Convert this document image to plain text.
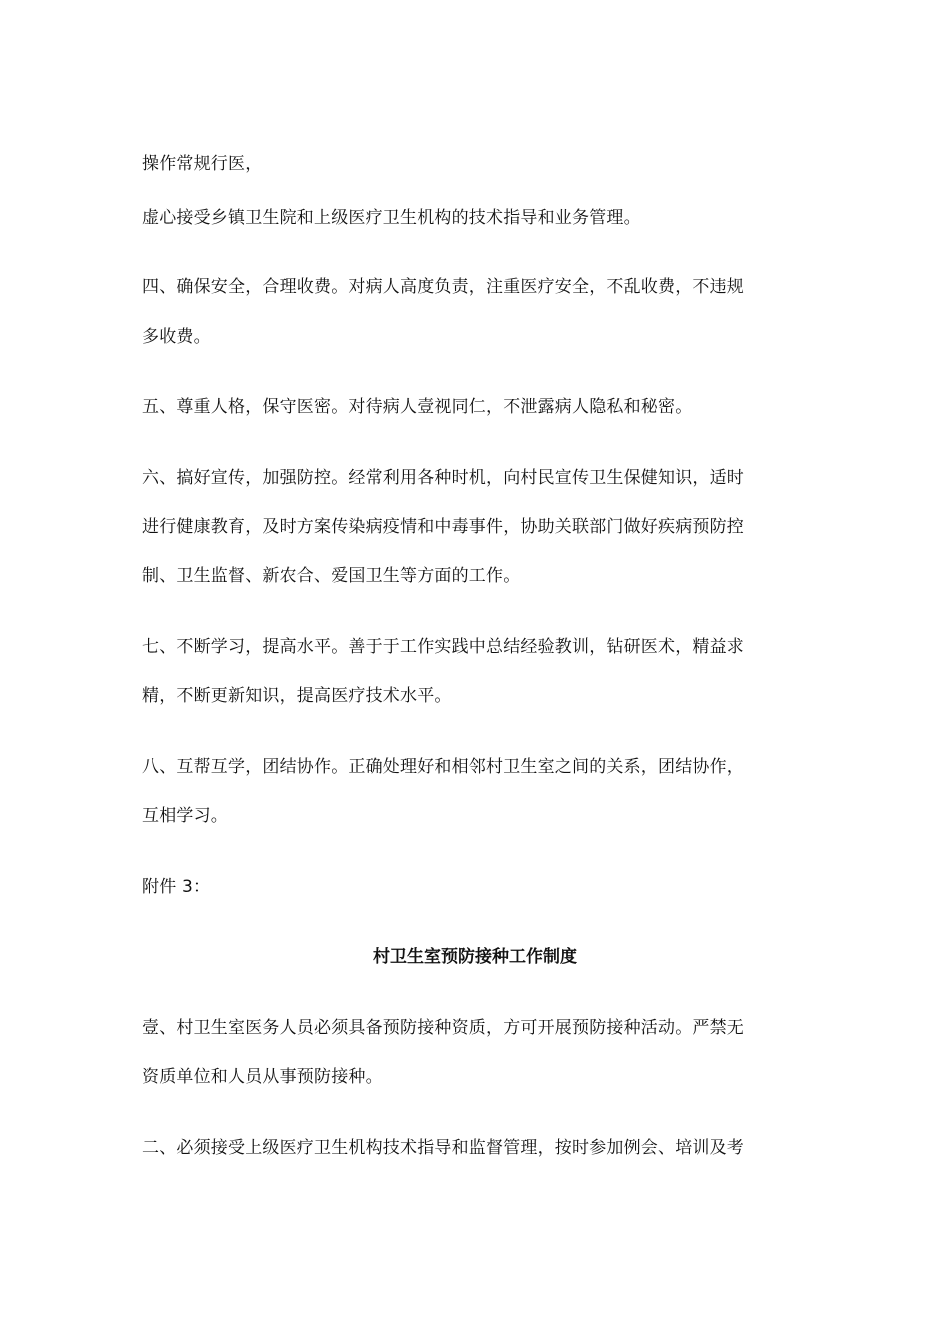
操作常规行医，
虚心接受乡镇卫生院和上级医疗卫生机构的技术指导和业务管理。
四、确保安全，合理收费。对病人高度负责，注重医疗安全，不乱收费，不违规
多收费。
五、尊重人格，保守医密。对待病人壹视同仁，不泄露病人隐私和秘密。
六、搞好宣传，加强防控。经常利用各种时机，向村民宣传卫生保健知识，适时
进行健康教育，及时方案传染病疫情和中毒事件，协助关联部门做好疾病预防控
制、卫生监督、新农合、爱国卫生等方面的工作。
七、不断学习，提高水平。善于于工作实践中总结经验教训，钻研医术，精益求
精，不断更新知识，提高医疗技术水平。
八、互帮互学，团结协作。正确处理好和相邻村卫生室之间的关系，团结协作，
互相学习。
附件 3：
村卫生室预防接种工作制度
壹、村卫生室医务人员必须具备预防接种资质，方可开展预防接种活动。严禁无
资质单位和人员从事预防接种。
二、必须接受上级医疗卫生机构技术指导和监督管理，按时参加例会、培训及考
